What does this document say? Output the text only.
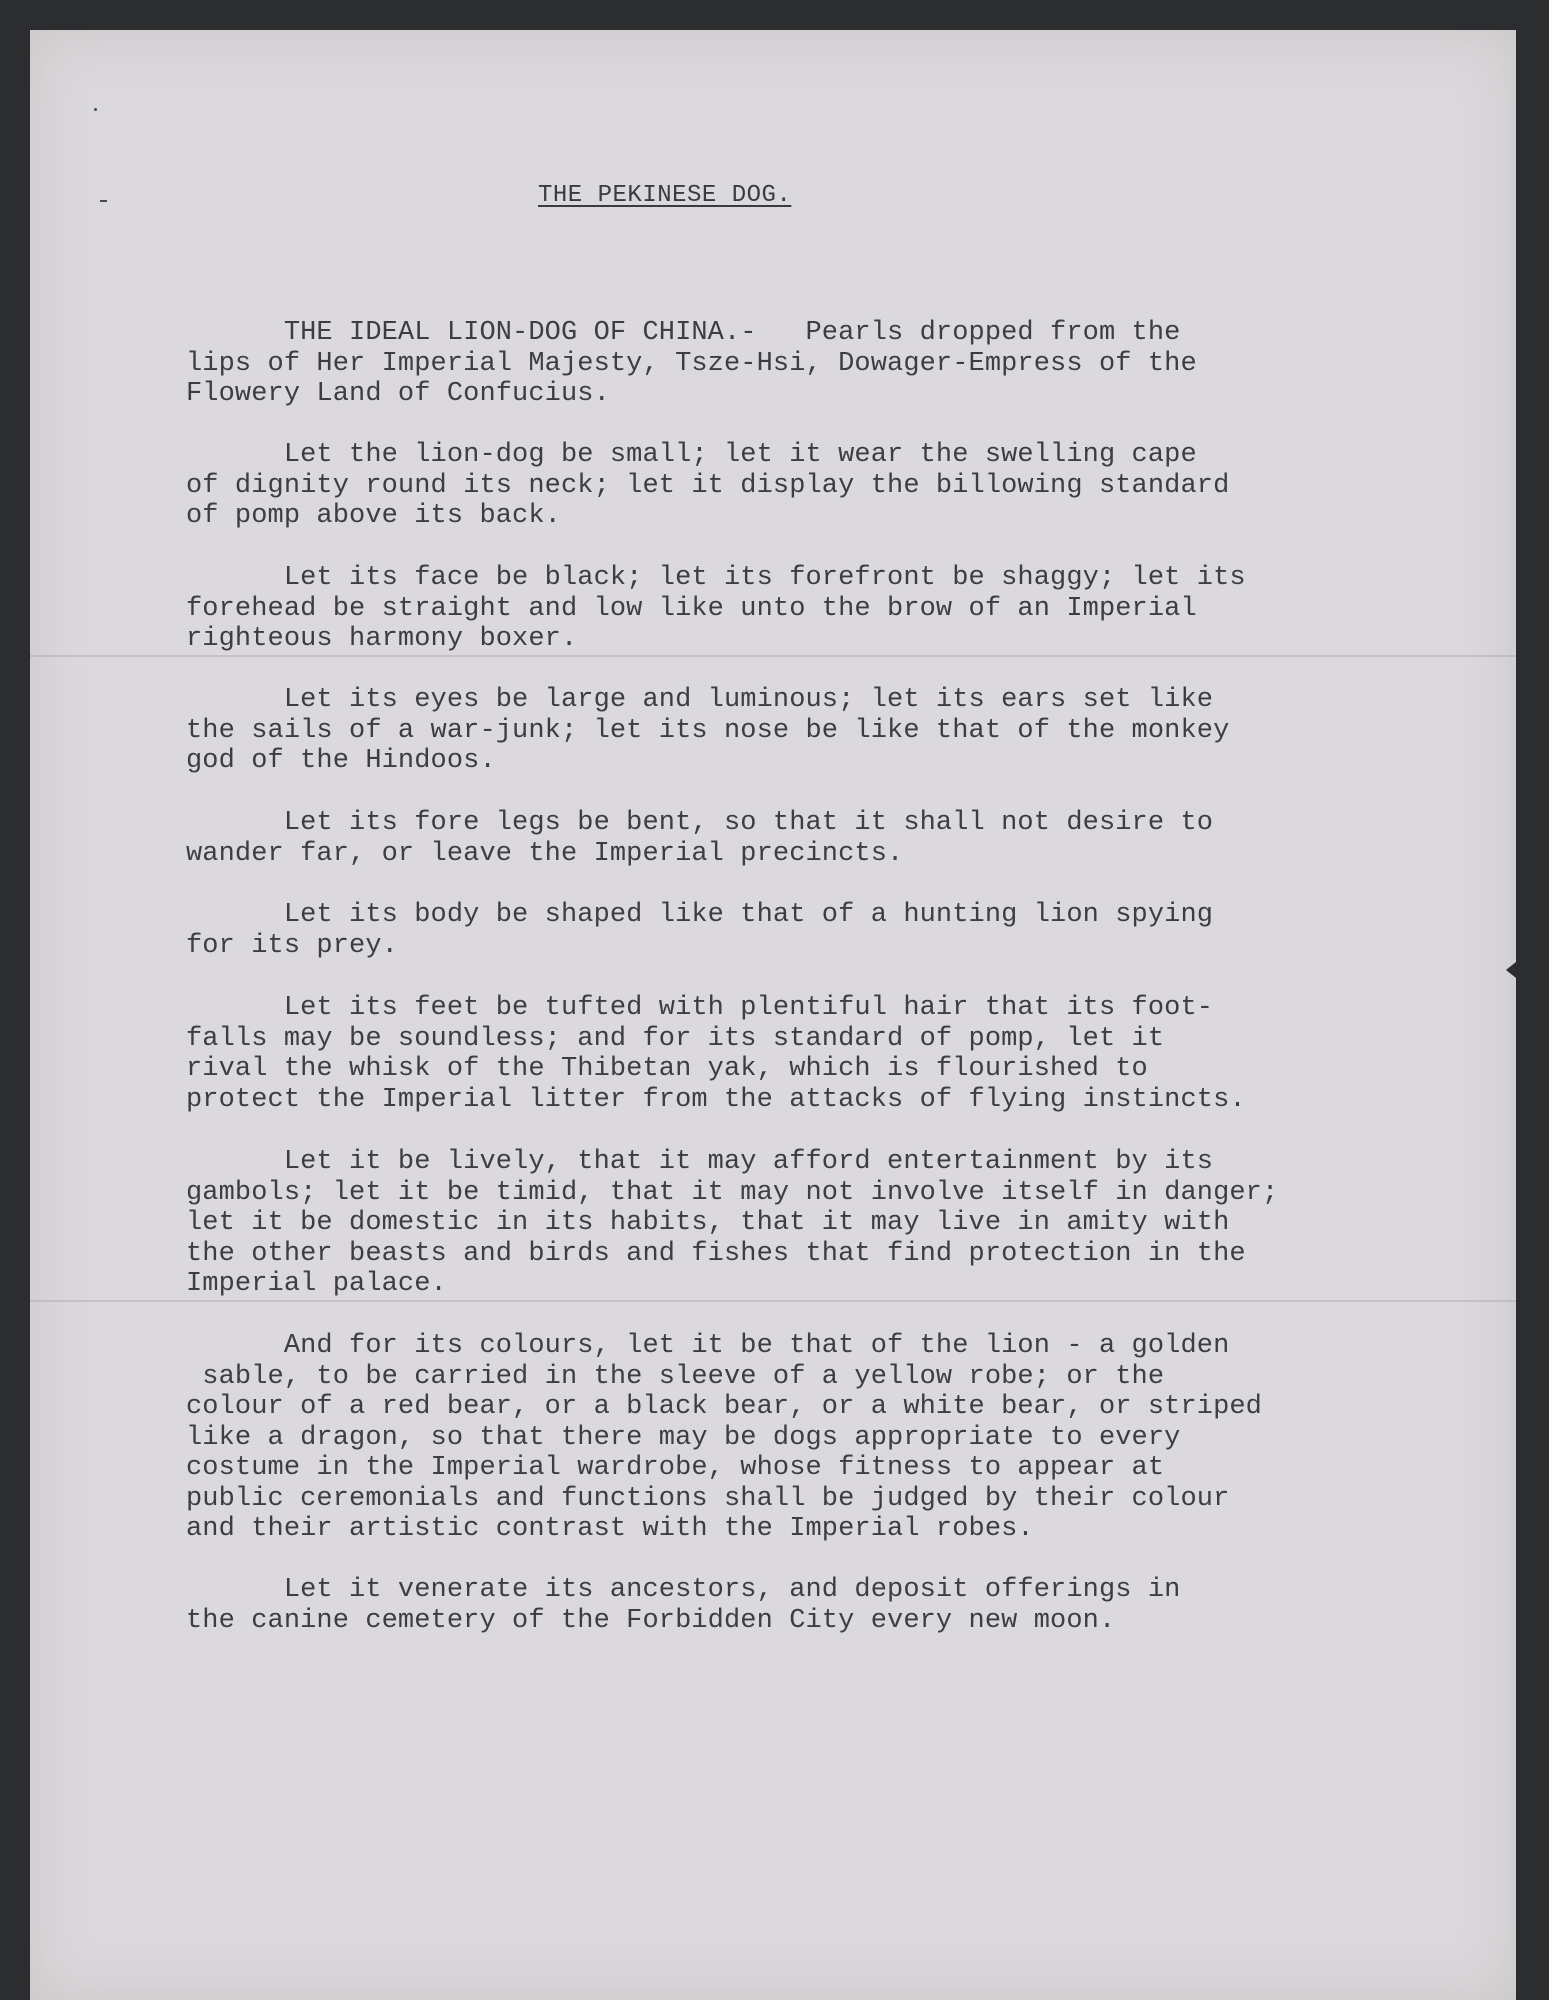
THE PEKINESE DOG.

THE IDEAL LION-DOG OF CHINA.-   Pearls dropped from the
lips of Her Imperial Majesty, Tsze-Hsi, Dowager-Empress of the
Flowery Land of Confucius.

Let the lion-dog be small; let it wear the swelling cape
of dignity round its neck; let it display the billowing standard
of pomp above its back.

Let its face be black; let its forefront be shaggy; let its
forehead be straight and low like unto the brow of an Imperial
righteous harmony boxer.

Let its eyes be large and luminous; let its ears set like
the sails of a war-junk; let its nose be like that of the monkey
god of the Hindoos.

Let its fore legs be bent, so that it shall not desire to
wander far, or leave the Imperial precincts.

Let its body be shaped like that of a hunting lion spying
for its prey.

Let its feet be tufted with plentiful hair that its foot-
falls may be soundless; and for its standard of pomp, let it
rival the whisk of the Thibetan yak, which is flourished to
protect the Imperial litter from the attacks of flying instincts.

Let it be lively, that it may afford entertainment by its
gambols; let it be timid, that it may not involve itself in danger;
let it be domestic in its habits, that it may live in amity with
the other beasts and birds and fishes that find protection in the
Imperial palace.

And for its colours, let it be that of the lion - a golden
sable, to be carried in the sleeve of a yellow robe; or the
colour of a red bear, or a black bear, or a white bear, or striped
like a dragon, so that there may be dogs appropriate to every
costume in the Imperial wardrobe, whose fitness to appear at
public ceremonials and functions shall be judged by their colour
and their artistic contrast with the Imperial robes.

Let it venerate its ancestors, and deposit offerings in
the canine cemetery of the Forbidden City every new moon.
